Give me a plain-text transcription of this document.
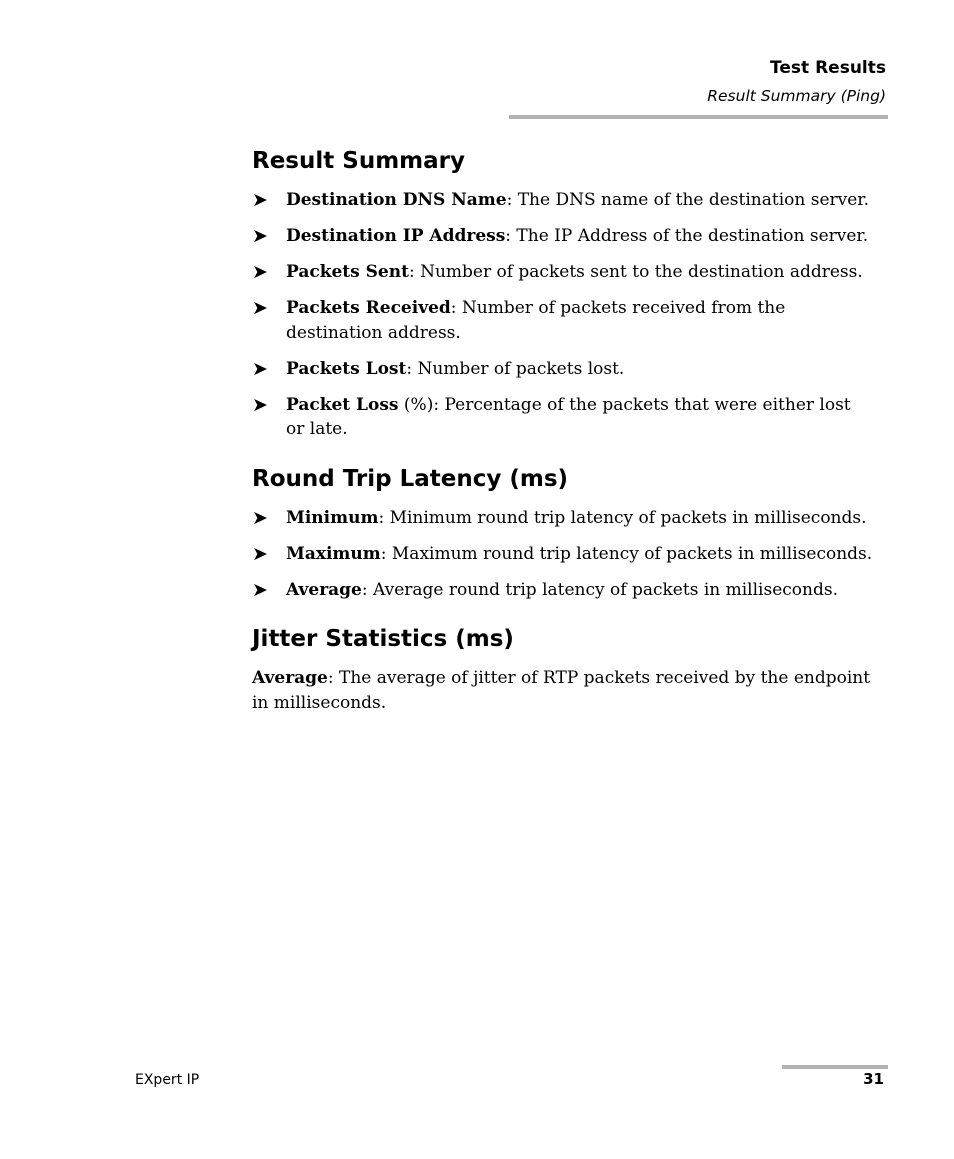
Test Results
Result Summary (Ping)
Result Summary
➤ Destination DNS Name: The DNS name of the destination server.
➤ Destination IP Address: The IP Address of the destination server.
➤ Packets Sent: Number of packets sent to the destination address.
➤ Packets Received: Number of packets received from the destination address.
➤ Packets Lost: Number of packets lost.
➤ Packet Loss (%): Percentage of the packets that were either lost or late.
Round Trip Latency (ms)
➤ Minimum: Minimum round trip latency of packets in milliseconds.
➤ Maximum: Maximum round trip latency of packets in milliseconds.
➤ Average: Average round trip latency of packets in milliseconds.
Jitter Statistics (ms)

Average: The average of jitter of RTP packets received by the endpoint in milliseconds.

EXpert IP	31
